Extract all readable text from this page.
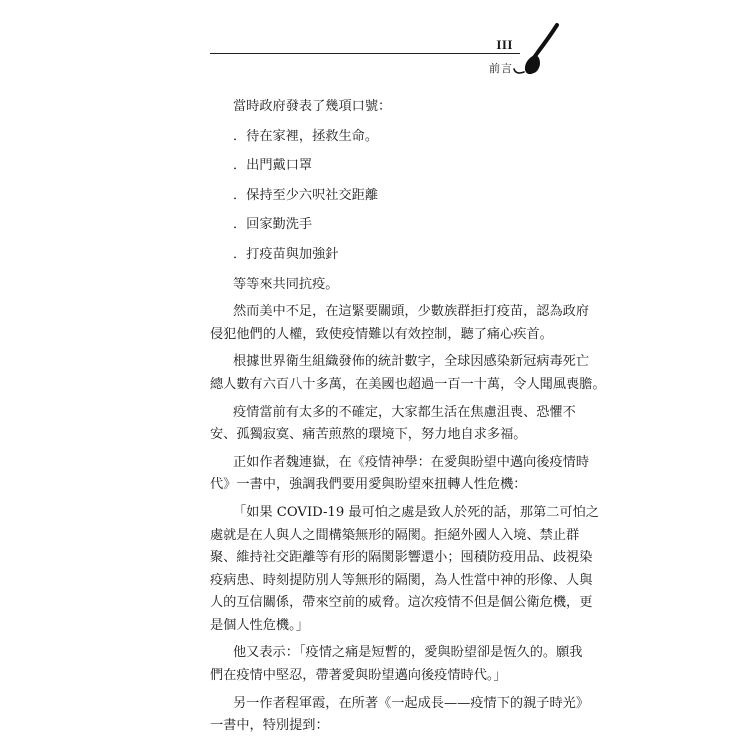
III
前言
當時政府發表了幾項口號：
．待在家裡，拯救生命。
．出門戴口罩
．保持至少六呎社交距離
．回家勤洗手
．打疫苗與加強針
等等來共同抗疫。
然而美中不足，在這緊要關頭，少數族群拒打疫苗，認為政府
侵犯他們的人權，致使疫情難以有效控制，聽了痛心疾首。
根據世界衛生組織發佈的統計數字，全球因感染新冠病毒死亡
總人數有六百八十多萬，在美國也超過一百一十萬，令人聞風喪膽。
疫情當前有太多的不確定，大家都生活在焦慮沮喪、恐懼不
安、孤獨寂寞、痛苦煎熬的環境下，努力地自求多福。
正如作者魏連嶽，在《疫情神學：在愛與盼望中邁向後疫情時
代》一書中，強調我們要用愛與盼望來扭轉人性危機：
「如果 COVID-19 最可怕之處是致人於死的話，那第二可怕之
處就是在人與人之間構築無形的隔閡。拒絕外國人入境、禁止群
聚、維持社交距離等有形的隔閡影響還小；囤積防疫用品、歧視染
疫病患、時刻提防別人等無形的隔閡，為人性當中神的形像、人與
人的互信關係，帶來空前的威脅。這次疫情不但是個公衛危機，更
是個人性危機。」
他又表示：「疫情之痛是短暫的，愛與盼望卻是恆久的。願我
們在疫情中堅忍，帶著愛與盼望邁向後疫情時代。」
另一作者程軍霞，在所著《一起成長——疫情下的親子時光》
一書中，特別提到：
